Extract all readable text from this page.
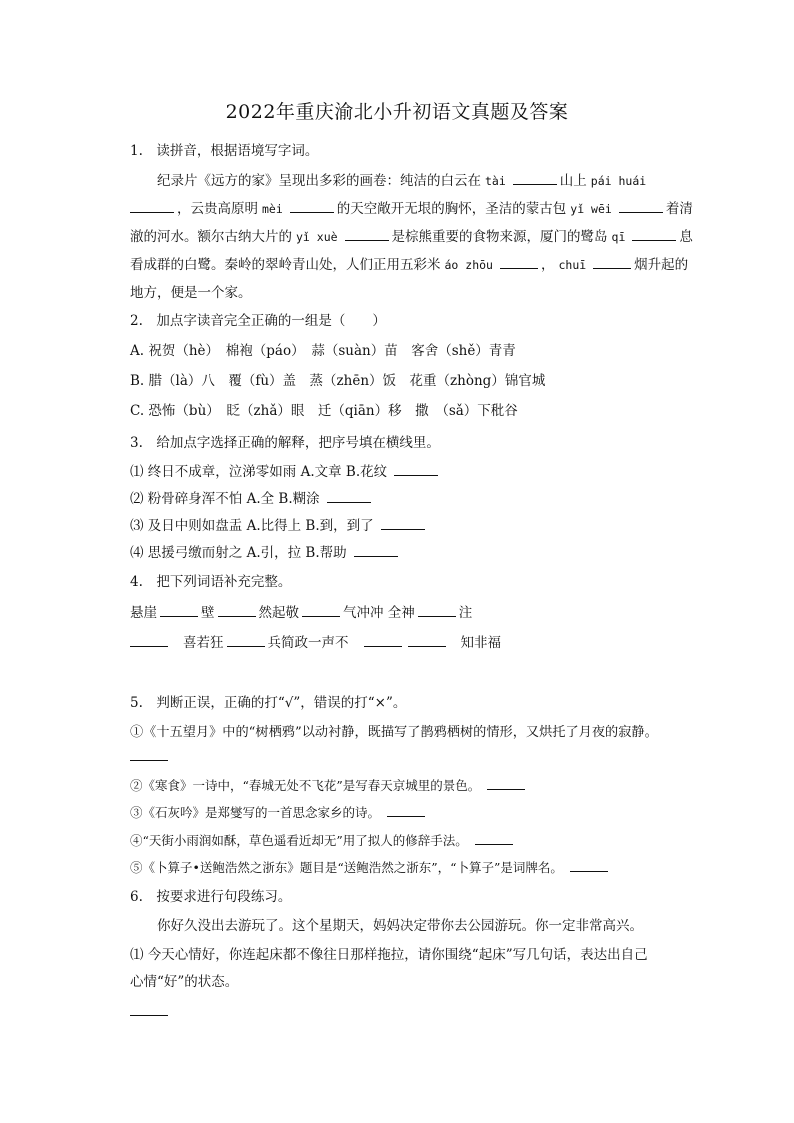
2022年重庆渝北小升初语文真题及答案
1.　读拼音，根据语境写字词。
纪录片《远方的家》呈现出多彩的画卷：纯洁的白云在 tài	山上 pái huái
，云贵高原明 mèi	的天空敞开无垠的胸怀，圣洁的蒙古包 yǐ wēi	着清
澈的河水。额尔古纳大片的 yǐ xuè	是棕熊重要的食物来源，厦门的鹭岛 qī	息
看成群的白鹭。秦岭的翠岭青山处，人们正用五彩米 áo zhōu	， chuī	烟升起的
地方，便是一个家。
2.　加点字读音完全正确的一组是（　　）
A. 祝贺（hè）　棉袍（páo）　蒜（suàn）苗　客舍（shě）青青
B. 腊（là）八　覆（fù）盖　蒸（zhēn）饭　花重（zhòng）锦官城
C. 恐怖（bù）　眨（zhǎ）眼　迁（qiān）移　撒　（sǎ）下秕谷
3.　给加点字选择正确的解释，把序号填在横线里。
⑴ 终日不成章，泣涕零如雨 A.文章 B.花纹
⑵ 粉骨碎身浑不怕 A.全 B.糊涂
⑶ 及日中则如盘盂 A.比得上 B.到，到了
⑷ 思援弓缴而射之 A.引，拉 B.帮助
4.　把下列词语补充完整。
悬崖	壁	然起敬	气冲冲 全神	注
喜若狂	兵简政一声不	知非福
5.　判断正误，正确的打“√”，错误的打“×”。
①《十五望月》中的“树栖鸦”以动衬静，既描写了鹊鸦栖树的情形，又烘托了月夜的寂静。
②《寒食》一诗中，“春城无处不飞花”是写春天京城里的景色。
③《石灰吟》是郑燮写的一首思念家乡的诗。
④“天街小雨润如酥，草色遥看近却无”用了拟人的修辞手法。
⑤《卜算子•送鲍浩然之浙东》题目是“送鲍浩然之浙东”，“卜算子”是词牌名。
6.　按要求进行句段练习。
你好久没出去游玩了。这个星期天，妈妈决定带你去公园游玩。你一定非常高兴。
⑴ 今天心情好，你连起床都不像往日那样拖拉，请你围绕“起床”写几句话，表达出自己
心情“好”的状态。
